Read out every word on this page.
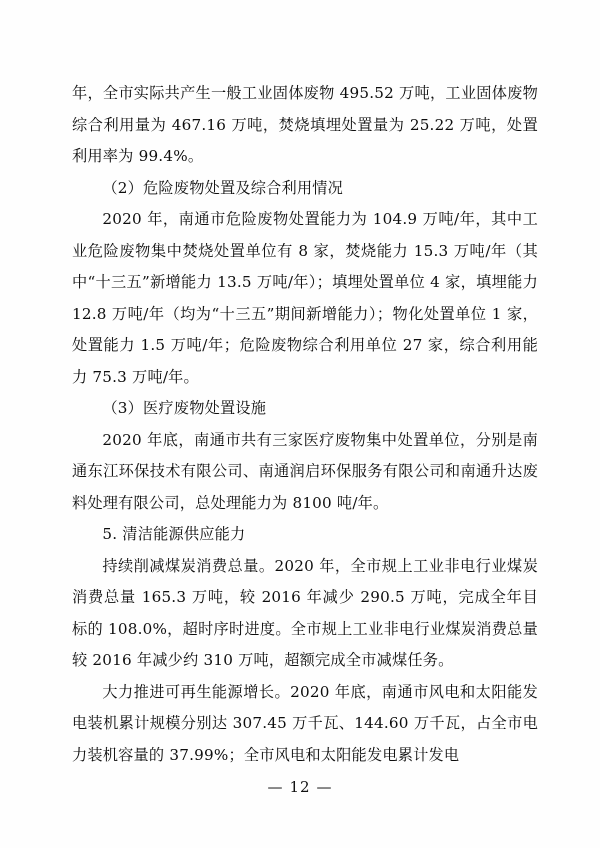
年，全市实际共产生一般工业固体废物 495.52 万吨，工业固体废物综合利用量为 467.16 万吨，焚烧填埋处置量为 25.22 万吨，处置利用率为 99.4%。

（2）危险废物处置及综合利用情况

2020 年，南通市危险废物处置能力为 104.9 万吨/年，其中工业危险废物集中焚烧处置单位有 8 家，焚烧能力 15.3 万吨/年（其中“十三五”新增能力 13.5 万吨/年）；填埋处置单位 4 家，填埋能力 12.8 万吨/年（均为“十三五”期间新增能力）；物化处置单位 1 家，处置能力 1.5 万吨/年；危险废物综合利用单位 27 家，综合利用能力 75.3 万吨/年。

（3）医疗废物处置设施

2020 年底，南通市共有三家医疗废物集中处置单位，分别是南通东江环保技术有限公司、南通润启环保服务有限公司和南通升达废料处理有限公司，总处理能力为 8100 吨/年。

5. 清洁能源供应能力

持续削减煤炭消费总量。2020 年，全市规上工业非电行业煤炭消费总量 165.3 万吨，较 2016 年减少 290.5 万吨，完成全年目标的 108.0%，超时序时进度。全市规上工业非电行业煤炭消费总量较 2016 年减少约 310 万吨，超额完成全市减煤任务。

大力推进可再生能源增长。2020 年底，南通市风电和太阳能发电装机累计规模分别达 307.45 万千瓦、144.60 万千瓦，占全市电力装机容量的 37.99%；全市风电和太阳能发电累计发电

— 12 —
